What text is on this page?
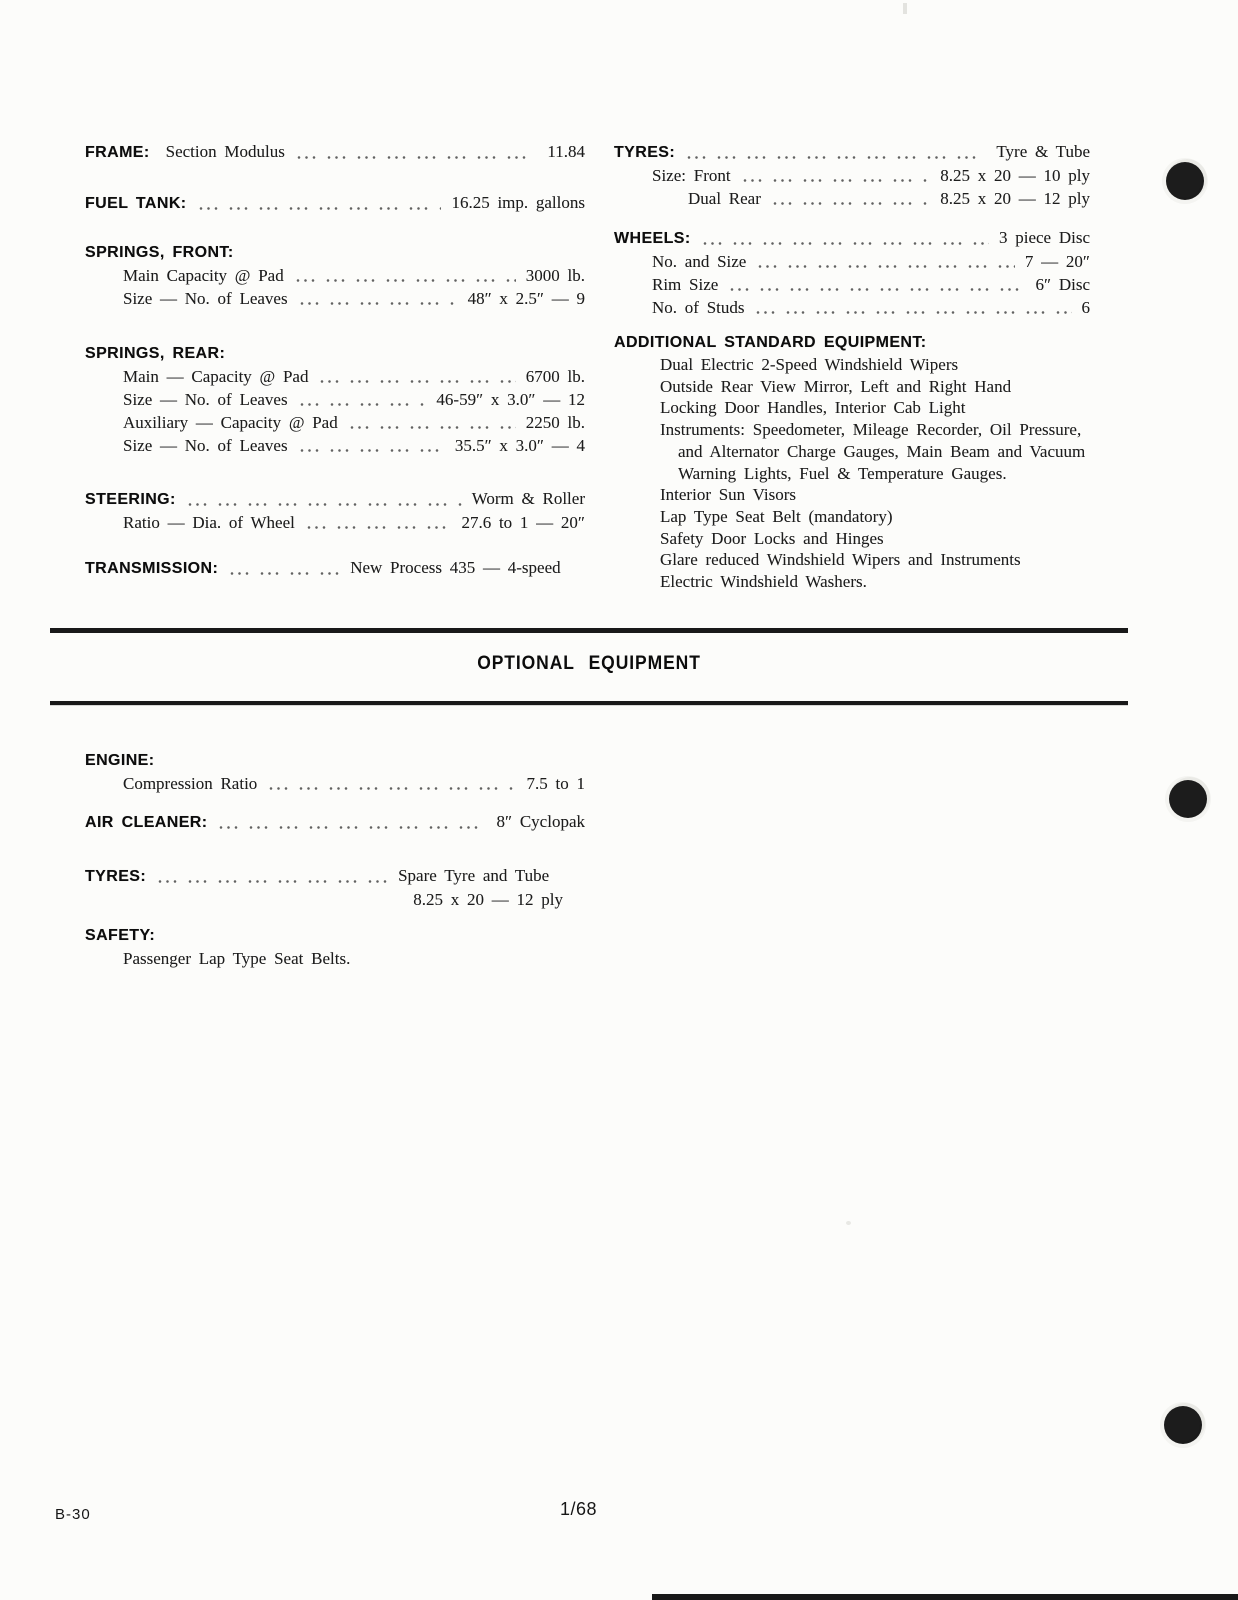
FRAME: Section Modulus	11.84
FUEL TANK:	16.25 imp. gallons
SPRINGS, FRONT:
Main Capacity @ Pad	3000 lb.
Size — No. of Leaves	48″ x 2.5″ — 9
SPRINGS, REAR:
Main — Capacity @ Pad	6700 lb.
Size — No. of Leaves	46-59″ x 3.0″ — 12
Auxiliary — Capacity @ Pad	2250 lb.
Size — No. of Leaves	35.5″ x 3.0″ — 4
STEERING:	Worm & Roller
Ratio — Dia. of Wheel	27.6 to 1 — 20″
TRANSMISSION:	New Process 435 — 4-speed
TYRES:	Tyre & Tube
Size: Front	8.25 x 20 — 10 ply
Dual Rear	8.25 x 20 — 12 ply
WHEELS:	3 piece Disc
No. and Size	7 — 20″
Rim Size	6″ Disc
No. of Studs	6
ADDITIONAL STANDARD EQUIPMENT:
Dual Electric 2-Speed Windshield Wipers
Outside Rear View Mirror, Left and Right Hand
Locking Door Handles, Interior Cab Light
Instruments: Speedometer, Mileage Recorder, Oil Pressure,
and Alternator Charge Gauges, Main Beam and Vacuum
Warning Lights, Fuel & Temperature Gauges.
Interior Sun Visors
Lap Type Seat Belt (mandatory)
Safety Door Locks and Hinges
Glare reduced Windshield Wipers and Instruments
Electric Windshield Washers.
OPTIONAL EQUIPMENT
ENGINE:
Compression Ratio	7.5 to 1
AIR CLEANER:	8″ Cyclopak
TYRES:	Spare Tyre and Tube
8.25 x 20 — 12 ply
SAFETY:
Passenger Lap Type Seat Belts.
B-30	1/68
